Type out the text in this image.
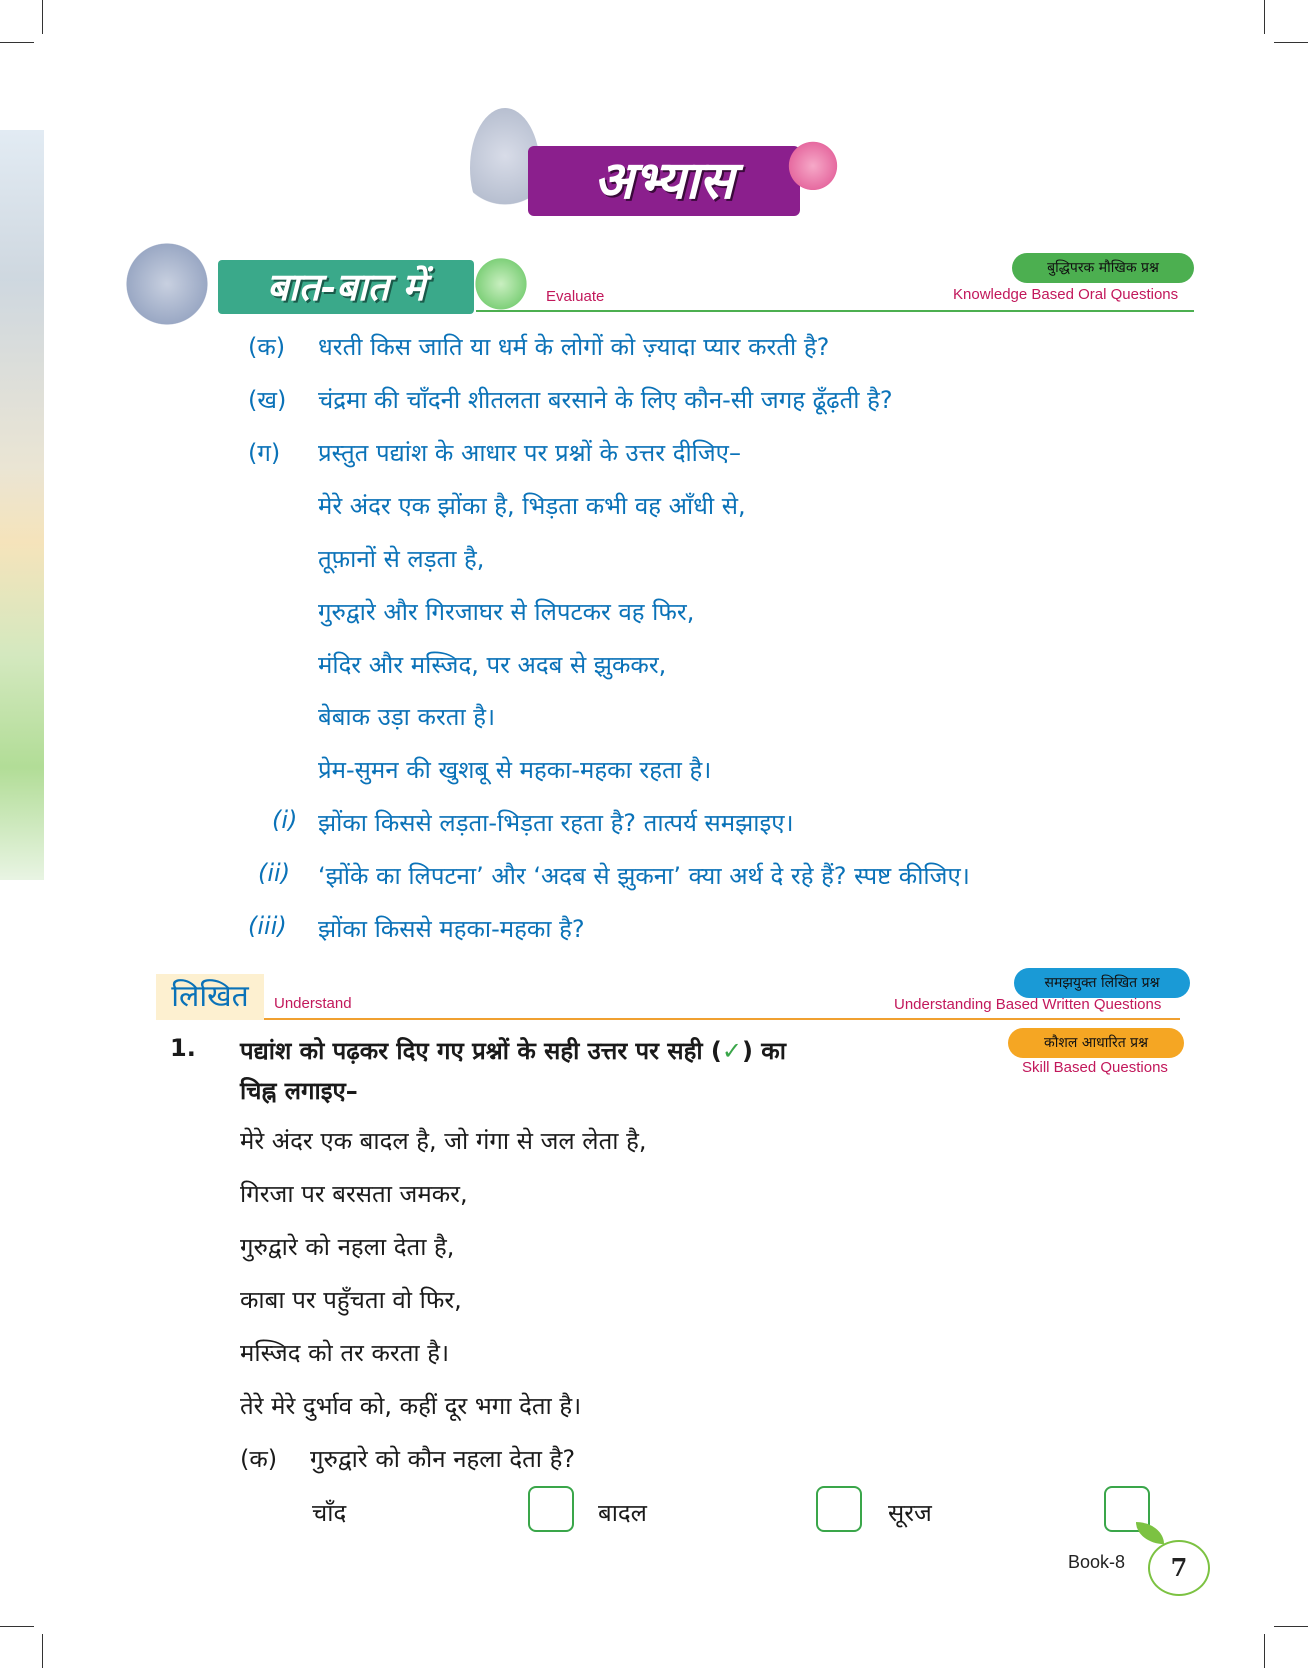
अभ्यास
बात-बात में	Evaluate
बुद्धिपरक मौखिक प्रश्न
Knowledge Based Oral Questions
(क) धरती किस जाति या धर्म के लोगों को ज़्यादा प्यार करती है?
(ख) चंद्रमा की चाँदनी शीतलता बरसाने के लिए कौन-सी जगह ढूँढ़ती है?
(ग) प्रस्तुत पद्यांश के आधार पर प्रश्नों के उत्तर दीजिए–
मेरे अंदर एक झोंका है, भिड़ता कभी वह आँधी से,
तूफ़ानों से लड़ता है,
गुरुद्वारे और गिरजाघर से लिपटकर वह फिर,
मंदिर और मस्जिद, पर अदब से झुककर,
बेबाक उड़ा करता है।
प्रेम-सुमन की खुशबू से महका-महका रहता है।
(i) झोंका किससे लड़ता-भिड़ता रहता है? तात्पर्य समझाइए।
(ii) ‘झोंके का लिपटना’ और ‘अदब से झुकना’ क्या अर्थ दे रहे हैं? स्पष्ट कीजिए।
(iii) झोंका किससे महका-महका है?
लिखित	Understand
समझयुक्त लिखित प्रश्न
Understanding Based Written Questions
1. पद्यांश को पढ़कर दिए गए प्रश्नों के सही उत्तर पर सही (✓) का
चिह्न लगाइए–
कौशल आधारित प्रश्न
Skill Based Questions
मेरे अंदर एक बादल है, जो गंगा से जल लेता है,
गिरजा पर बरसता जमकर,
गुरुद्वारे को नहला देता है,
काबा पर पहुँचता वो फिर,
मस्जिद को तर करता है।
तेरे मेरे दुर्भाव को, कहीं दूर भगा देता है।
(क) गुरुद्वारे को कौन नहला देता है?
चाँद	बादल	सूरज
Book-8	7
